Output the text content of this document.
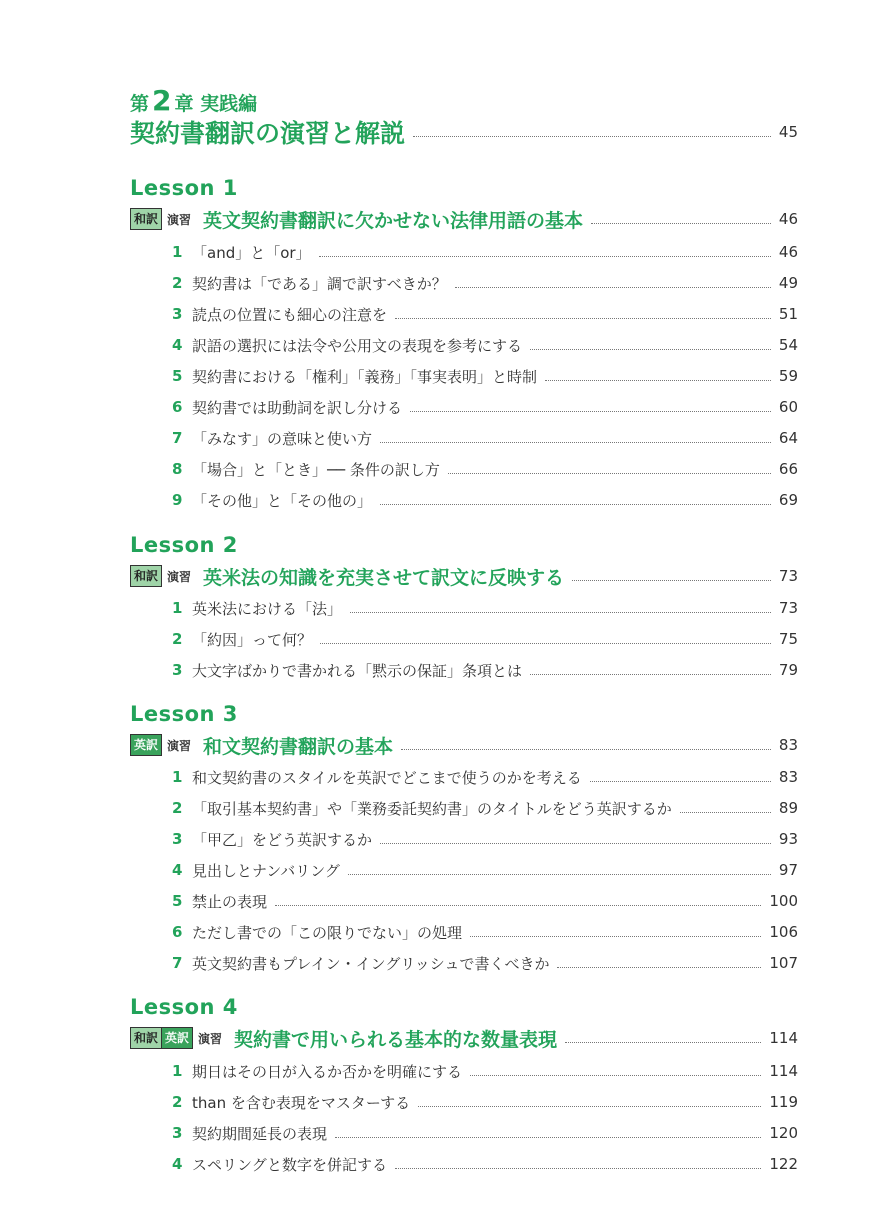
第 2 章 実践編
契約書翻訳の演習と解説	45
Lesson 1
和訳 演習 英文契約書翻訳に欠かせない法律用語の基本	46
1 「and」と「or」	46
2 契約書は「である」調で訳すべきか？	49
3 読点の位置にも細心の注意を	51
4 訳語の選択には法令や公用文の表現を参考にする	54
5 契約書における「権利」「義務」「事実表明」と時制	59
6 契約書では助動詞を訳し分ける	60
7 「みなす」の意味と使い方	64
8 「場合」と「とき」── 条件の訳し方	66
9 「その他」と「その他の」	69
Lesson 2
和訳 演習 英米法の知識を充実させて訳文に反映する	73
1 英米法における「法」	73
2 「約因」って何？	75
3 大文字ばかりで書かれる「黙示の保証」条項とは	79
Lesson 3
英訳 演習 和文契約書翻訳の基本	83
1 和文契約書のスタイルを英訳でどこまで使うのかを考える	83
2 「取引基本契約書」や「業務委託契約書」のタイトルをどう英訳するか	89
3 「甲乙」をどう英訳するか	93
4 見出しとナンバリング	97
5 禁止の表現	100
6 ただし書での「この限りでない」の処理	106
7 英文契約書もプレイン・イングリッシュで書くべきか	107
Lesson 4
和訳 英訳 演習 契約書で用いられる基本的な数量表現	114
1 期日はその日が入るか否かを明確にする	114
2 than を含む表現をマスターする	119
3 契約期間延長の表現	120
4 スペリングと数字を併記する	122
